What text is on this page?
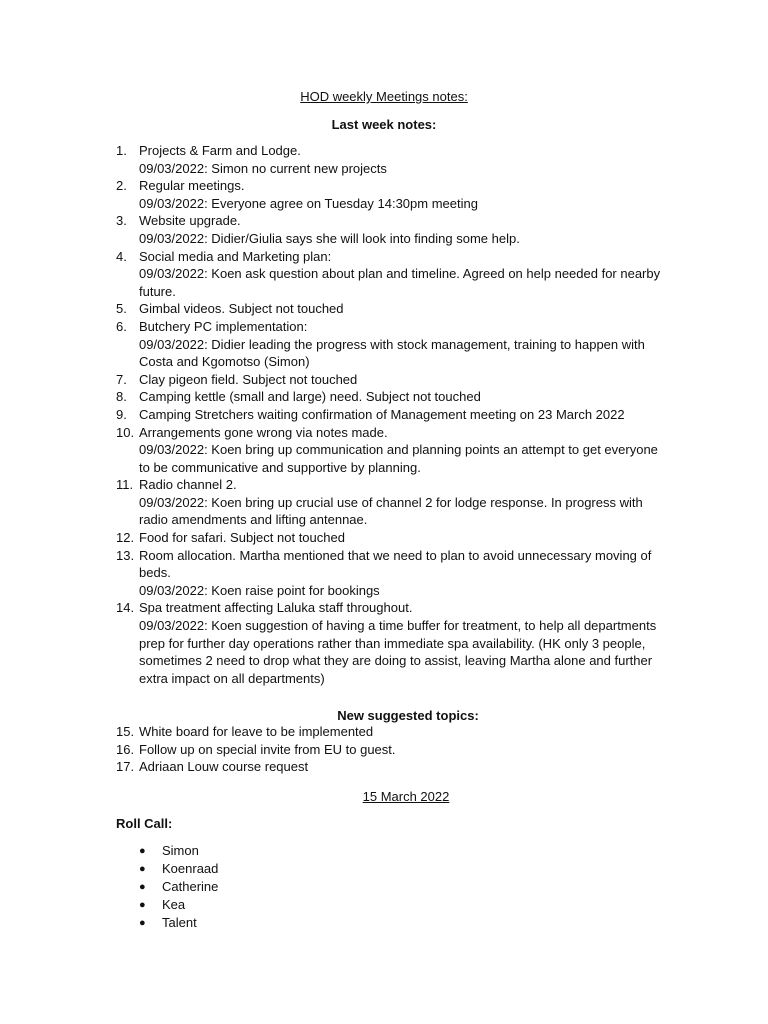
HOD weekly Meetings notes:
Last week notes:
1. Projects & Farm and Lodge.
09/03/2022: Simon no current new projects
2. Regular meetings.
09/03/2022: Everyone agree on Tuesday 14:30pm meeting
3. Website upgrade.
09/03/2022: Didier/Giulia says she will look into finding some help.
4. Social media and Marketing plan:
09/03/2022: Koen ask question about plan and timeline. Agreed on help needed for nearby
future.
5. Gimbal videos. Subject not touched
6. Butchery PC implementation:
09/03/2022: Didier leading the progress with stock management, training to happen with
Costa and Kgomotso (Simon)
7. Clay pigeon field. Subject not touched
8. Camping kettle (small and large) need. Subject not touched
9. Camping Stretchers waiting confirmation of Management meeting on 23 March 2022
10. Arrangements gone wrong via notes made.
09/03/2022: Koen bring up communication and planning points an attempt to get everyone
to be communicative and supportive by planning.
11. Radio channel 2.
09/03/2022: Koen bring up crucial use of channel 2 for lodge response. In progress with
radio amendments and lifting antennae.
12. Food for safari. Subject not touched
13. Room allocation. Martha mentioned that we need to plan to avoid unnecessary moving of
beds.
09/03/2022: Koen raise point for bookings
14. Spa treatment affecting Laluka staff throughout.
09/03/2022: Koen suggestion of having a time buffer for treatment, to help all departments
prep for further day operations rather than immediate spa availability. (HK only 3 people,
sometimes 2 need to drop what they are doing to assist, leaving Martha alone and further
extra impact on all departments)
New suggested topics:
15. White board for leave to be implemented
16. Follow up on special invite from EU to guest.
17. Adriaan Louw course request
15 March 2022
Roll Call:
●	Simon
●	Koenraad
●	Catherine
●	Kea
●	Talent
